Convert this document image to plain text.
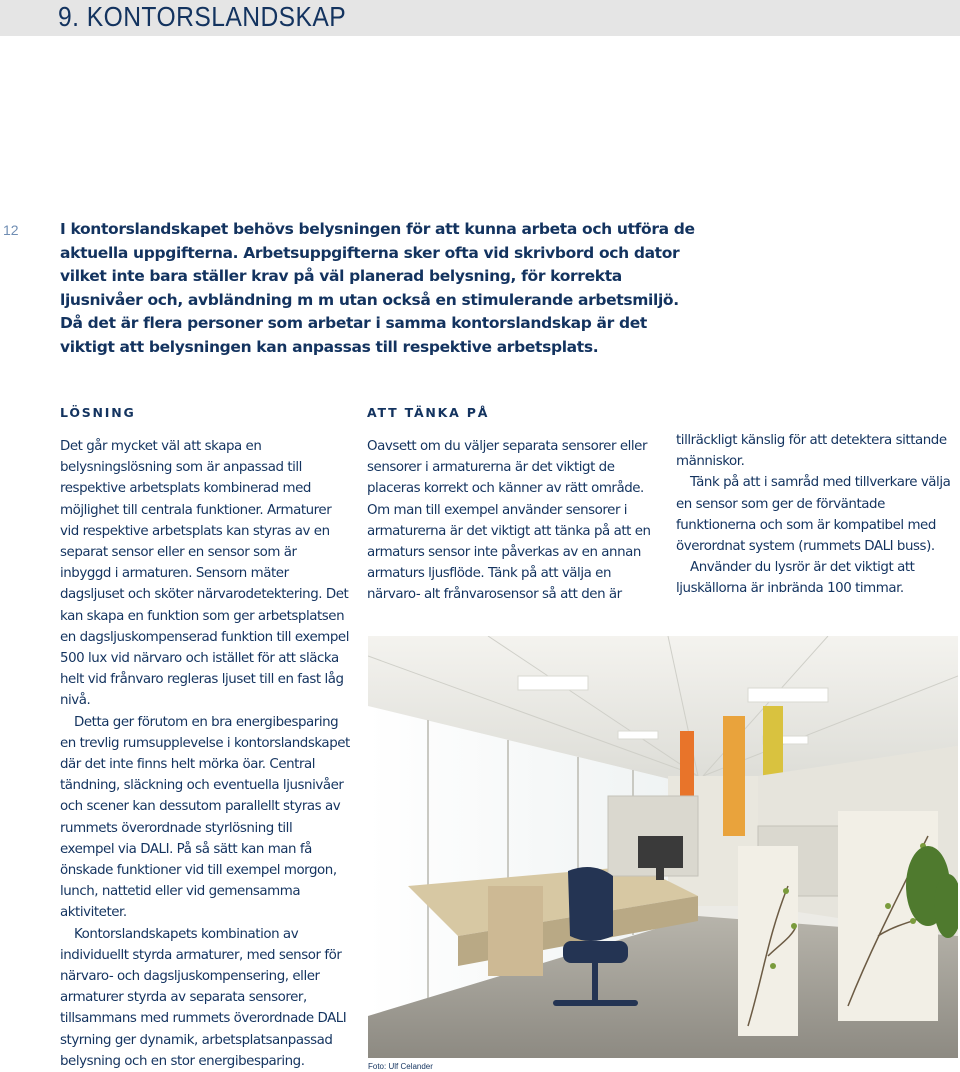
9. KONTORSLANDSKAP
12	I kontorslandskapet behövs belysningen för att kunna arbeta och utföra de aktuella uppgifterna. Arbetsuppgifterna sker ofta vid skrivbord och dator vilket inte bara ställer krav på väl planerad belysning, för korrekta ljusnivåer och, avbländning m m utan också en stimulerande arbetsmiljö. Då det är flera personer som arbetar i samma kontorslandskap är det viktigt att belysningen kan anpassas till respektive arbetsplats.
LÖSNING

Det går mycket väl att skapa en belysningslösning som är anpassad till respektive arbetsplats kombinerad med möjlighet till centrala funktioner. Armaturer vid respektive arbetsplats kan styras av en separat sensor eller en sensor som är inbyggd i armaturen. Sensorn mäter dagsljuset och sköter närvarodetektering. Det kan skapa en funktion som ger arbetsplatsen en dagsljuskompenserad funktion till exempel 500 lux vid närvaro och istället för att släcka helt vid frånvaro regleras ljuset till en fast låg nivå.

Detta ger förutom en bra energibesparing en trevlig rumsupplevelse i kontorslandskapet där det inte finns helt mörka öar. Central tändning, släckning och eventuella ljusnivåer och scener kan dessutom parallellt styras av rummets överordnade styrlösning till exempel via DALI. På så sätt kan man få önskade funktioner vid till exempel morgon, lunch, nattetid eller vid gemensamma aktiviteter.

Kontorslandskapets kombination av individuellt styrda armaturer, med sensor för närvaro- och dagsljuskompensering, eller armaturer styrda av separata sensorer, tillsammans med rummets överordnade DALI styrning ger dynamik, arbetsplatsanpassad belysning och en stor energibesparing.

ATT TÄNKA PÅ

Oavsett om du väljer separata sensorer eller sensorer i armaturerna är det viktigt de placeras korrekt och känner av rätt område. Om man till exempel använder sensorer i armaturerna är det viktigt att tänka på att en armaturs sensor inte påverkas av en annan armaturs ljusflöde. Tänk på att välja en närvaro- alt frånvarosensor så att den är

tillräckligt känslig för att detektera sittande människor.

Tänk på att i samråd med tillverkare välja en sensor som ger de förväntade funktionerna och som är kompatibel med överordnat system (rummets DALI buss).

Använder du lysrör är det viktigt att ljuskällorna är inbrända 100 timmar.

Foto: Ulf Celander
